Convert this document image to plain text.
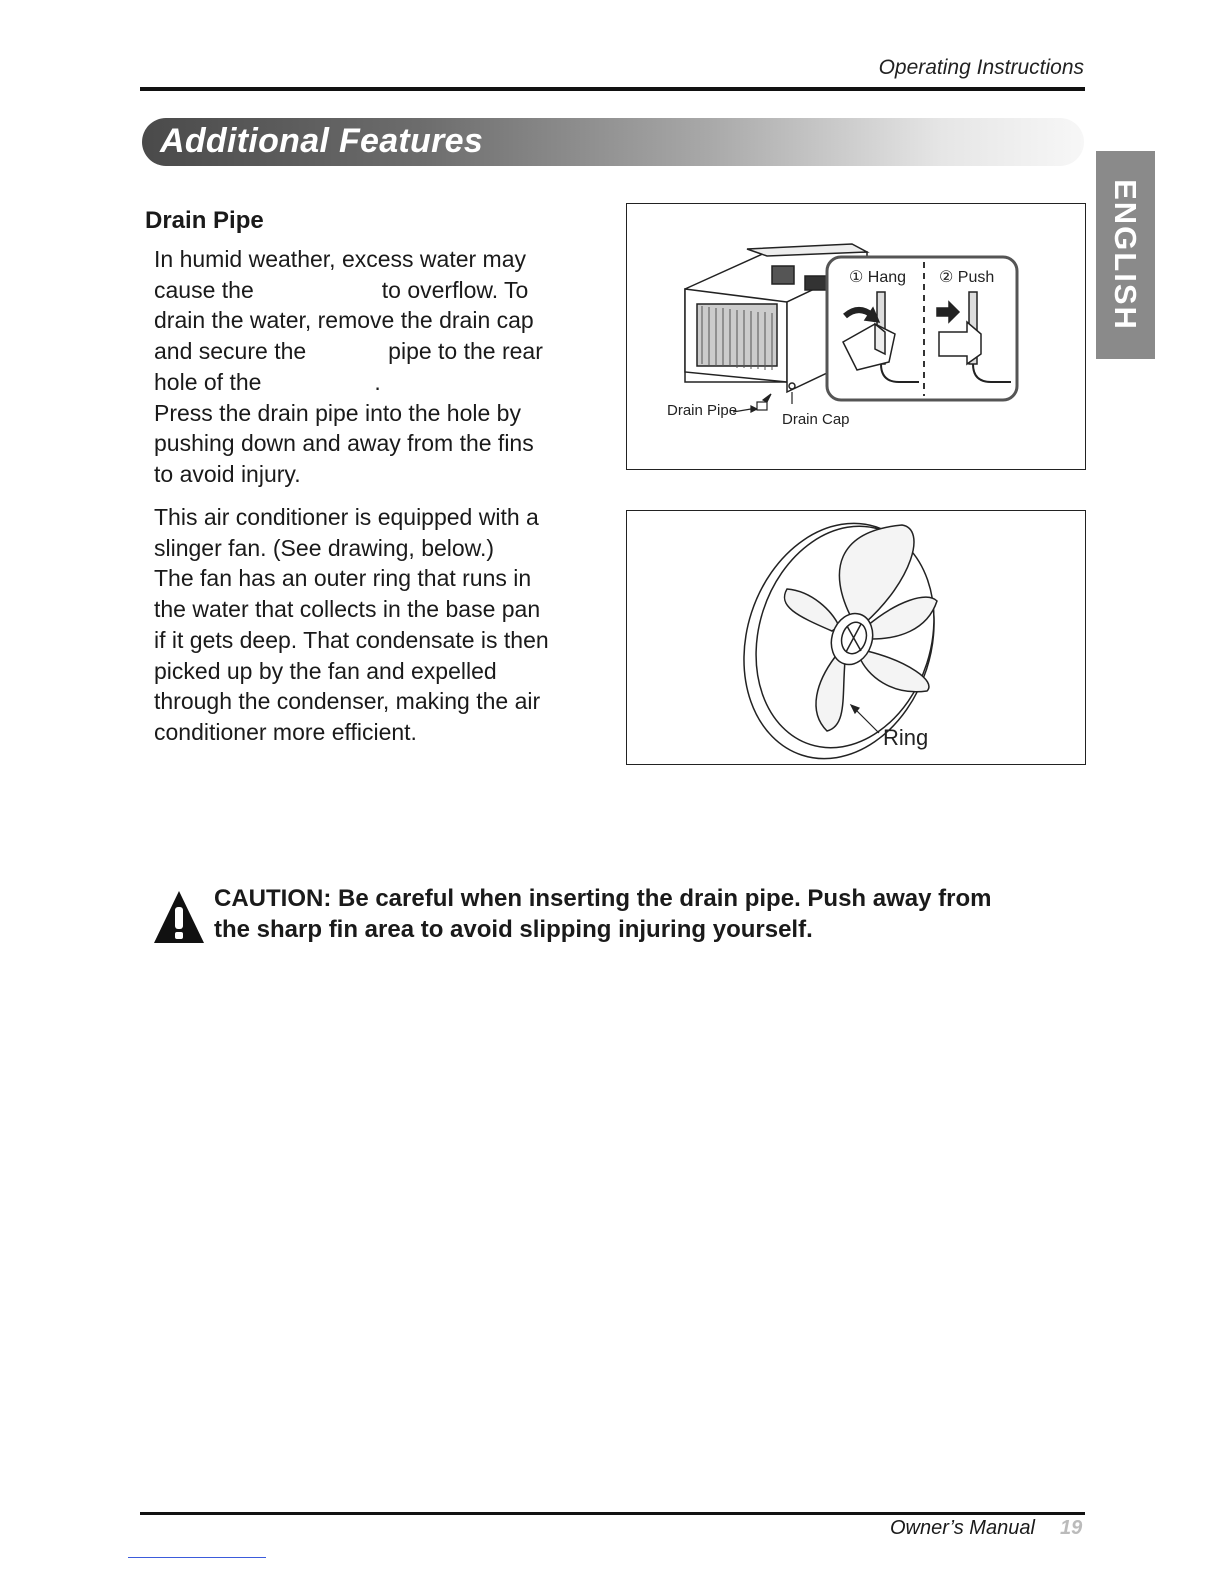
Operating Instructions
Additional Features
ENGLISH
Drain Pipe
In humid weather, excess water may
cause the	to overflow. To
drain the water, remove the drain cap
and secure the	pipe to the rear
hole of the	.
Press the drain pipe into the hole by
pushing down and away from the fins
to avoid injury.
This air conditioner is equipped with a
slinger fan. (See drawing, below.)
The fan has an outer ring that runs in
the water that collects in the base pan
if it gets deep. That condensate is then
picked up by the fan and expelled
through the condenser, making the air
conditioner more efficient.
① Hang ② Push
Drain Pipe
Drain Cap
Ring
CAUTION: Be careful when inserting the drain pipe. Push away from
the sharp fin area to avoid slipping injuring yourself.
Owner’s Manual 19
